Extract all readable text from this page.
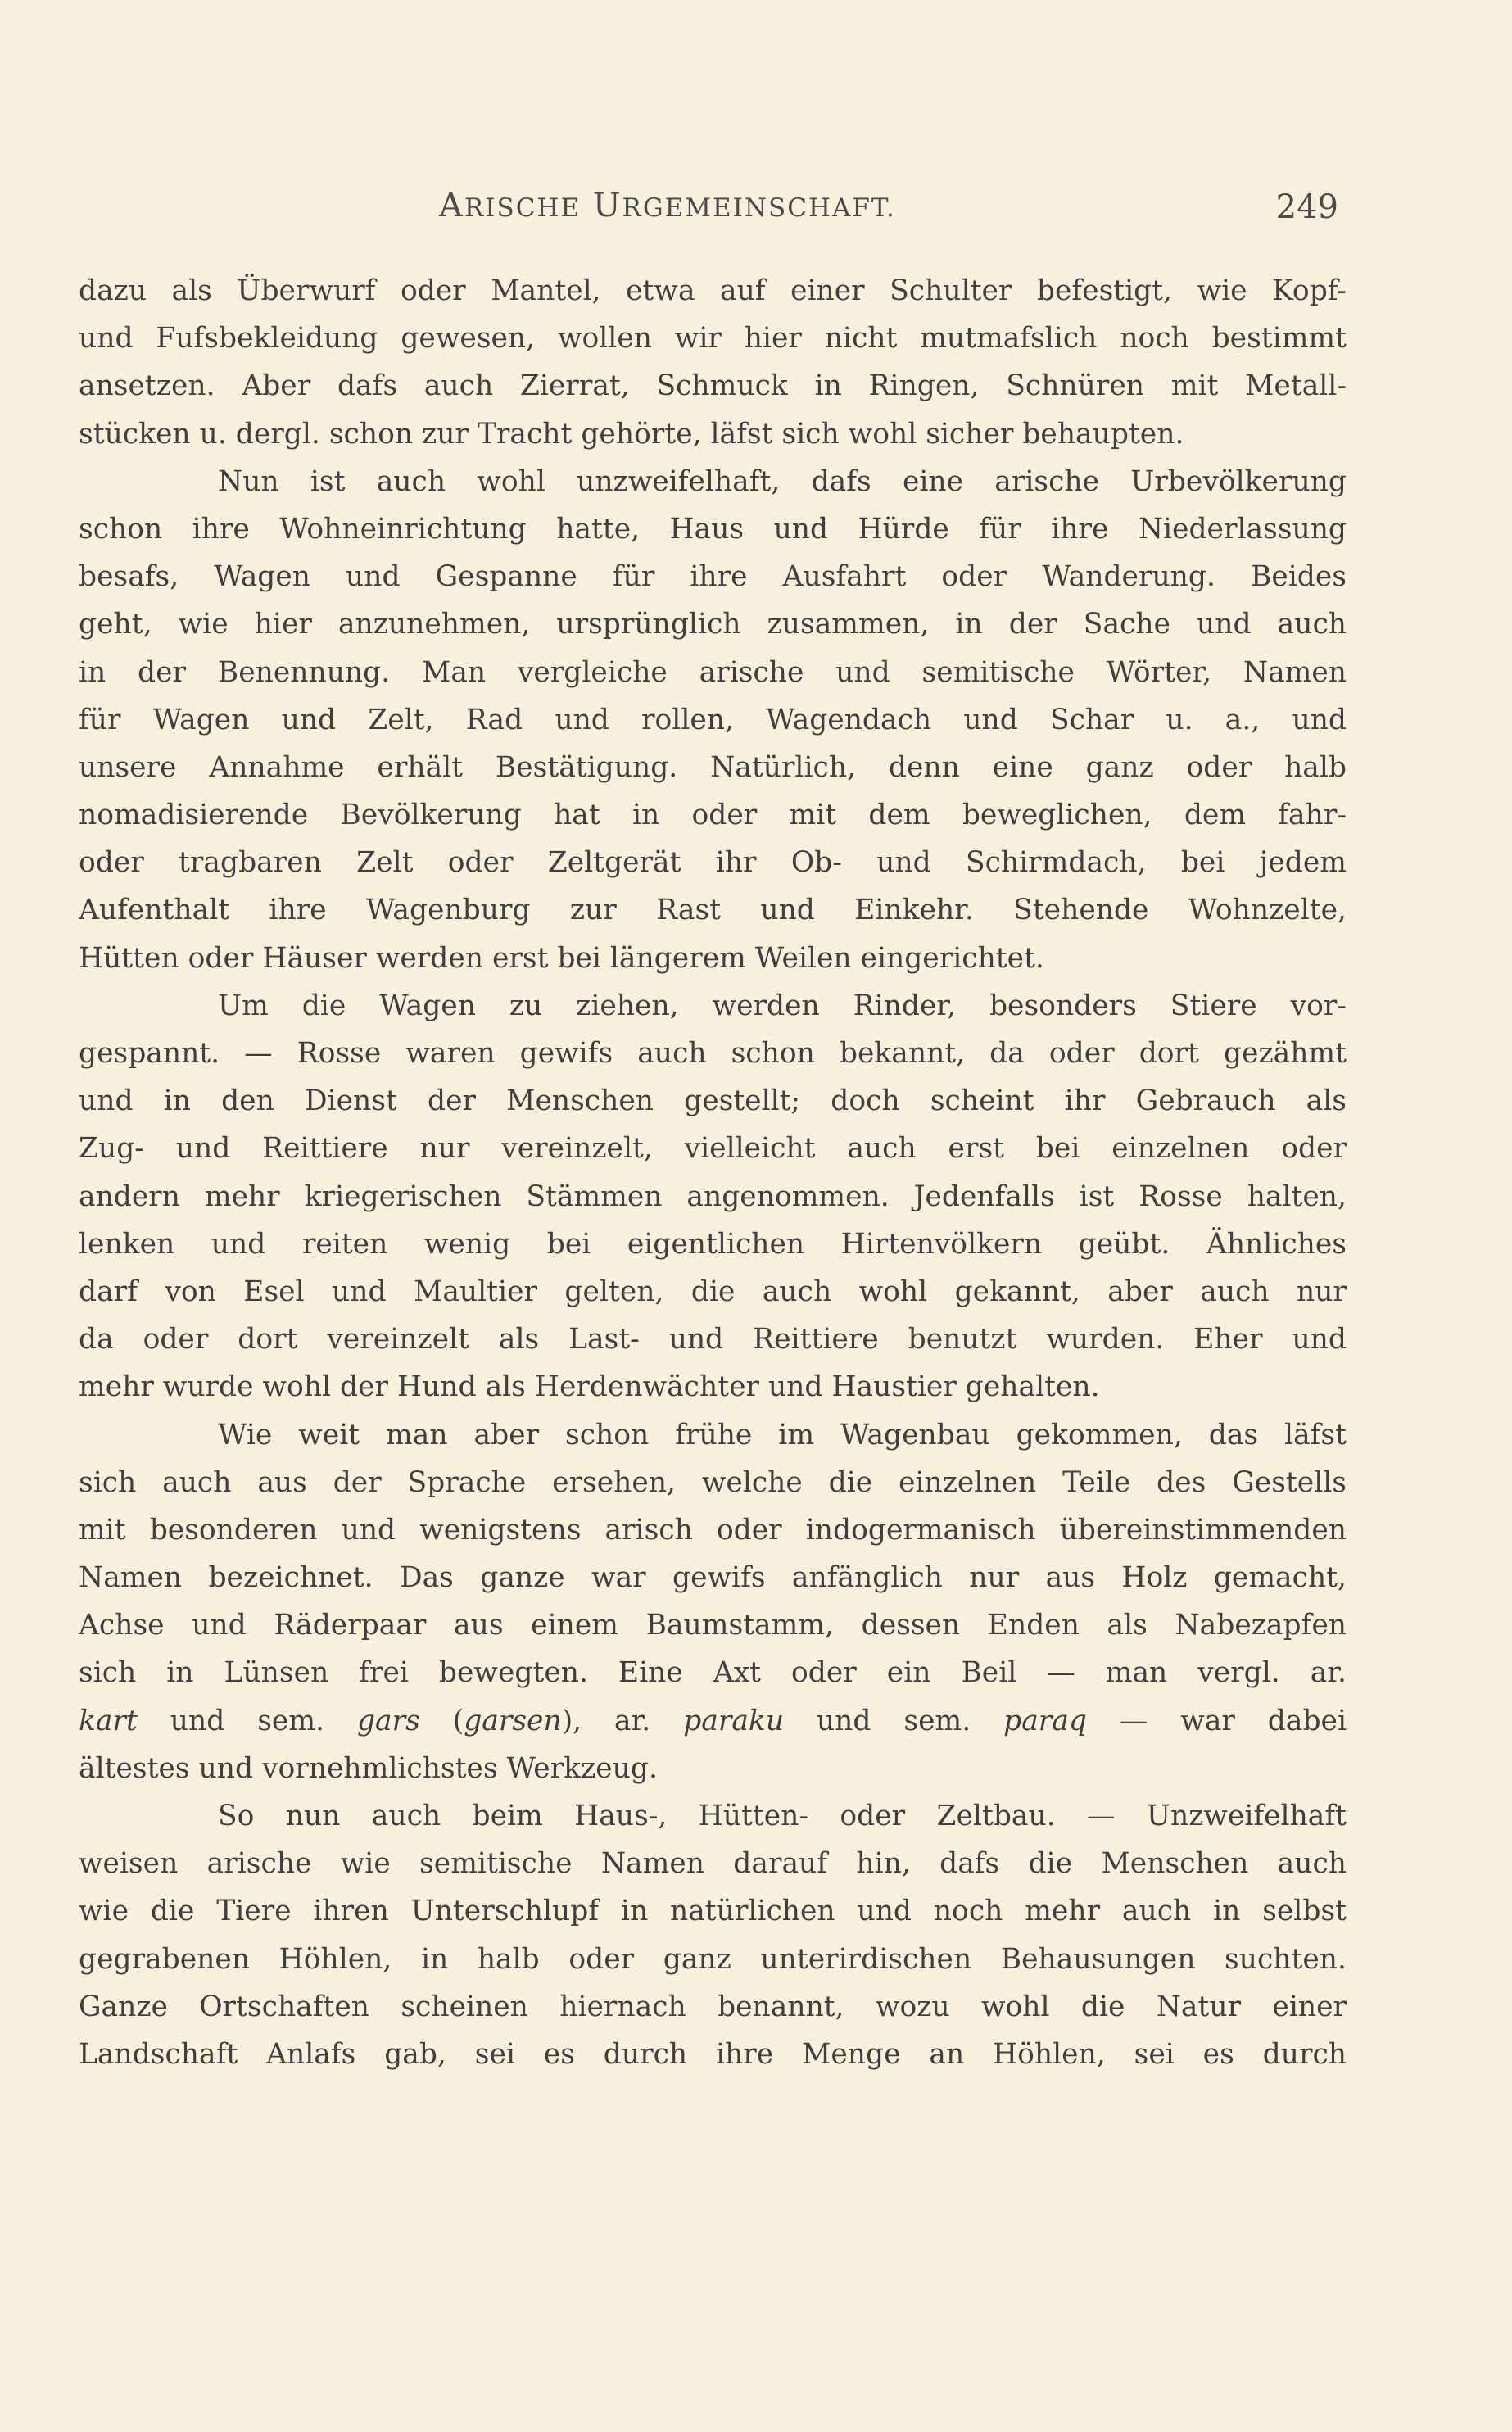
ARISCHE URGEMEINSCHAFT.	249
dazu als Überwurf oder Mantel, etwa auf einer Schulter befestigt, wie Kopf-
und Fufsbekleidung gewesen, wollen wir hier nicht mutmafslich noch bestimmt
ansetzen. Aber dafs auch Zierrat, Schmuck in Ringen, Schnüren mit Metall-
stücken u. dergl. schon zur Tracht gehörte, läfst sich wohl sicher behaupten.
Nun ist auch wohl unzweifelhaft, dafs eine arische Urbevölkerung
schon ihre Wohneinrichtung hatte, Haus und Hürde für ihre Niederlassung
besafs, Wagen und Gespanne für ihre Ausfahrt oder Wanderung. Beides
geht, wie hier anzunehmen, ursprünglich zusammen, in der Sache und auch
in der Benennung. Man vergleiche arische und semitische Wörter, Namen
für Wagen und Zelt, Rad und rollen, Wagendach und Schar u. a., und
unsere Annahme erhält Bestätigung. Natürlich, denn eine ganz oder halb
nomadisierende Bevölkerung hat in oder mit dem beweglichen, dem fahr-
oder tragbaren Zelt oder Zeltgerät ihr Ob- und Schirmdach, bei jedem
Aufenthalt ihre Wagenburg zur Rast und Einkehr. Stehende Wohnzelte,
Hütten oder Häuser werden erst bei längerem Weilen eingerichtet.
Um die Wagen zu ziehen, werden Rinder, besonders Stiere vor-
gespannt. — Rosse waren gewifs auch schon bekannt, da oder dort gezähmt
und in den Dienst der Menschen gestellt; doch scheint ihr Gebrauch als
Zug- und Reittiere nur vereinzelt, vielleicht auch erst bei einzelnen oder
andern mehr kriegerischen Stämmen angenommen. Jedenfalls ist Rosse halten,
lenken und reiten wenig bei eigentlichen Hirtenvölkern geübt. Ähnliches
darf von Esel und Maultier gelten, die auch wohl gekannt, aber auch nur
da oder dort vereinzelt als Last- und Reittiere benutzt wurden. Eher und
mehr wurde wohl der Hund als Herdenwächter und Haustier gehalten.
Wie weit man aber schon frühe im Wagenbau gekommen, das läfst
sich auch aus der Sprache ersehen, welche die einzelnen Teile des Gestells
mit besonderen und wenigstens arisch oder indogermanisch übereinstimmenden
Namen bezeichnet. Das ganze war gewifs anfänglich nur aus Holz gemacht,
Achse und Räderpaar aus einem Baumstamm, dessen Enden als Nabezapfen
sich in Lünsen frei bewegten. Eine Axt oder ein Beil — man vergl. ar.
kart und sem. gars (garsen), ar. paraku und sem. paraq — war dabei
ältestes und vornehmlichstes Werkzeug.
So nun auch beim Haus-, Hütten- oder Zeltbau. — Unzweifelhaft
weisen arische wie semitische Namen darauf hin, dafs die Menschen auch
wie die Tiere ihren Unterschlupf in natürlichen und noch mehr auch in selbst
gegrabenen Höhlen, in halb oder ganz unterirdischen Behausungen suchten.
Ganze Ortschaften scheinen hiernach benannt, wozu wohl die Natur einer
Landschaft Anlafs gab, sei es durch ihre Menge an Höhlen, sei es durch
